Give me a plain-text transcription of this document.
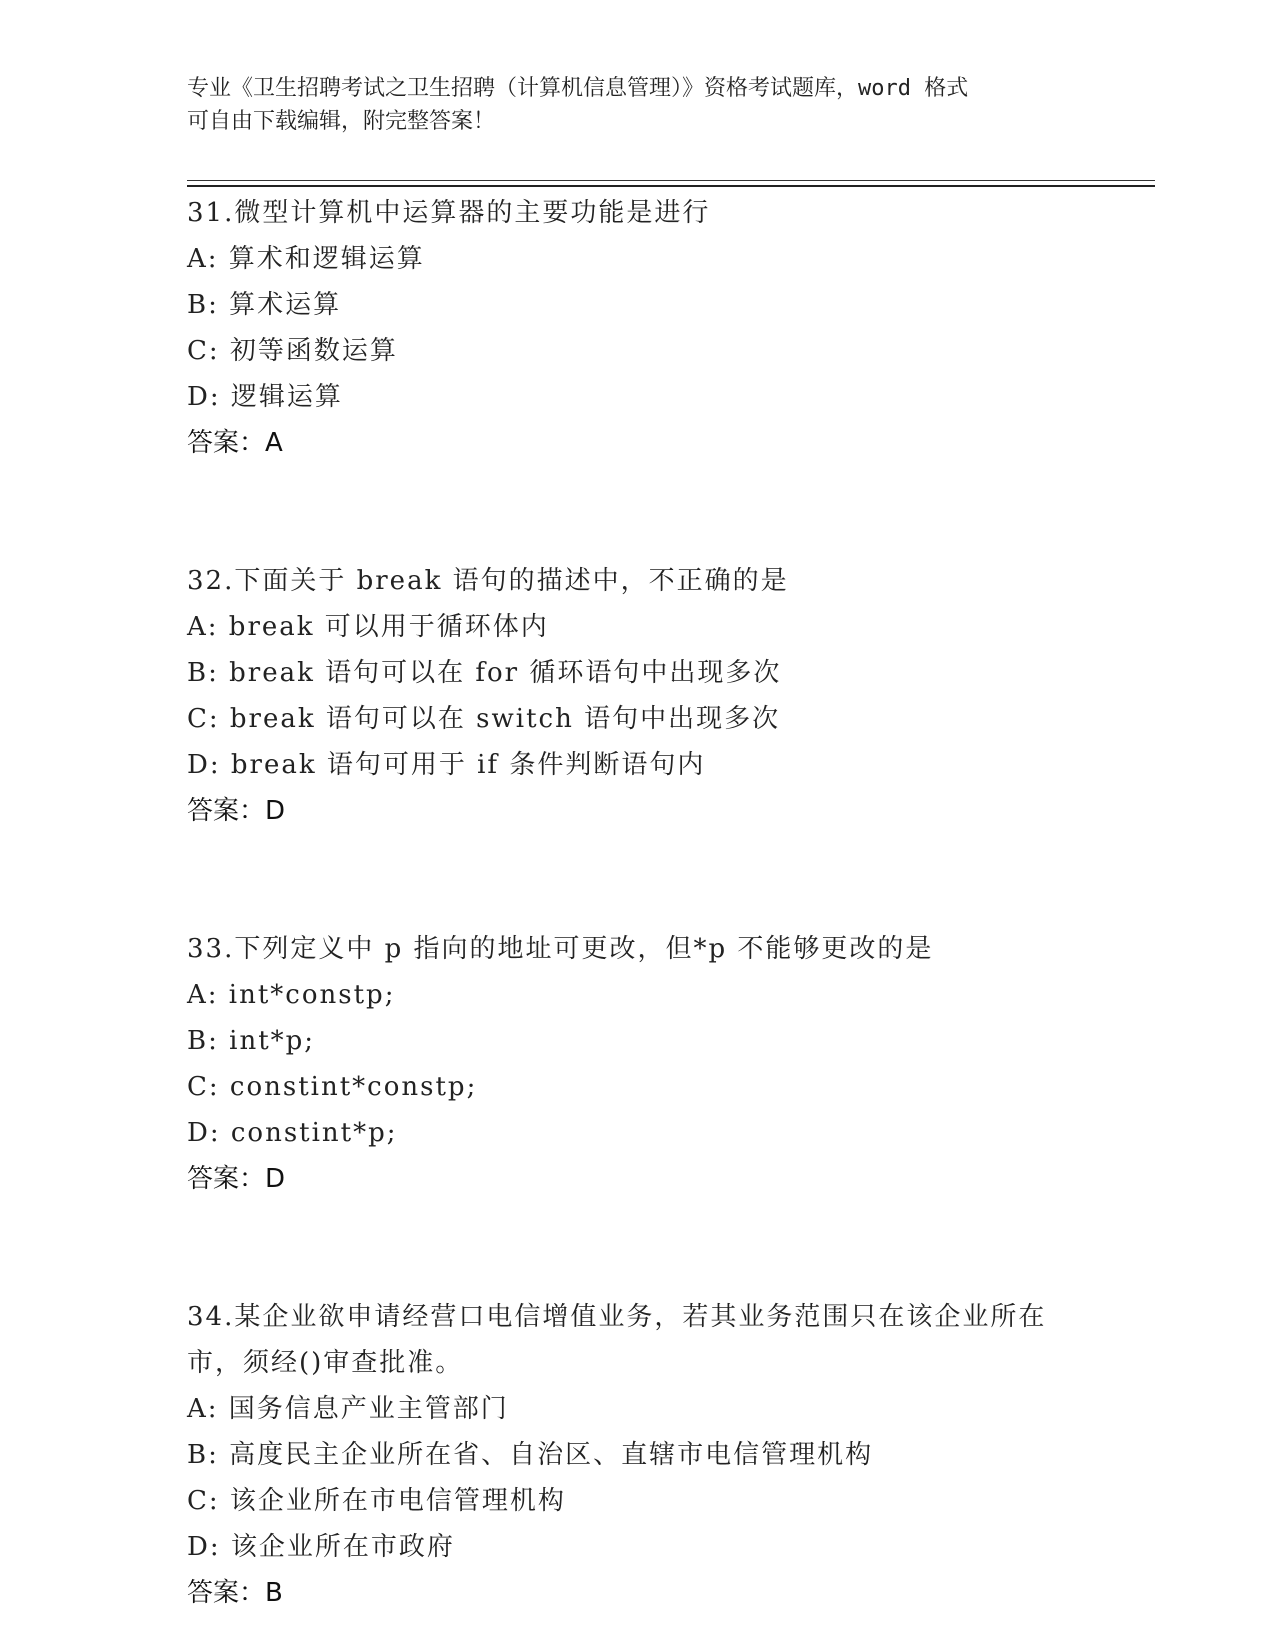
专业《卫生招聘考试之卫生招聘（计算机信息管理）》资格考试题库，word 格式
可自由下载编辑，附完整答案！
31.微型计算机中运算器的主要功能是进行
A: 算术和逻辑运算
B: 算术运算
C: 初等函数运算
D: 逻辑运算
答案：A
32.下面关于 break 语句的描述中，不正确的是
A: break 可以用于循环体内
B: break 语句可以在 for 循环语句中出现多次
C: break 语句可以在 switch 语句中出现多次
D: break 语句可用于 if 条件判断语句内
答案：D
33.下列定义中 p 指向的地址可更改，但*p 不能够更改的是
A: int*constp;
B: int*p;
C: constint*constp;
D: constint*p;
答案：D
34.某企业欲申请经营口电信增值业务，若其业务范围只在该企业所在市，须经()审查批准。
A: 国务信息产业主管部门
B: 高度民主企业所在省、自治区、直辖市电信管理机构
C: 该企业所在市电信管理机构
D: 该企业所在市政府
答案：B
